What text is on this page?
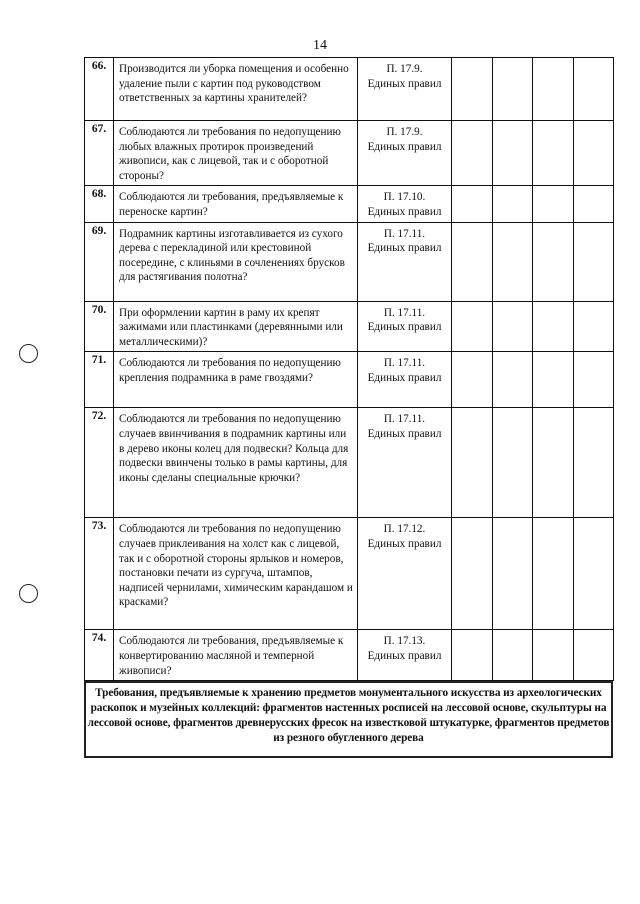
14
66.	Производится ли уборка помещения и особенно удаление пыли с картин под руководством ответственных за картины хранителей?	П. 17.9.
Единых правил				

67.	Соблюдаются ли требования по недопущению любых влажных протирок произведений живописи, как с лицевой, так и с оборотной стороны?	П. 17.9.
Единых правил				

68.	Соблюдаются ли требования, предъявляемые к переноске картин?	П. 17.10.
Единых правил				

69.	Подрамник картины изготавливается из сухого дерева с перекладиной или крестовиной посередине, с клиньями в сочленениях брусков для растягивания полотна?	П. 17.11.
Единых правил				

70.	При оформлении картин в раму их крепят зажимами или пластинками (деревянными или металлическими)?	П. 17.11.
Единых правил				

71.	Соблюдаются ли требования по недопущению крепления подрамника в раме гвоздями?	П. 17.11.
Единых правил				

72.	Соблюдаются ли требования по недопущению случаев ввинчивания в подрамник картины или в дерево иконы колец для подвески? Кольца для подвески ввинчены только в рамы картины, для иконы сделаны специальные крючки?	П. 17.11.
Единых правил				

73.	Соблюдаются ли требования по недопущению случаев приклеивания на холст как с лицевой, так и с оборотной стороны ярлыков и номеров, постановки печати из сургуча, штампов, надписей чернилами, химическим карандашом и красками?	П. 17.12.
Единых правил				

74.	Соблюдаются ли требования, предъявляемые к конвертированию масляной и темперной живописи?	П. 17.13.
Единых правил				

Требования, предъявляемые к хранению предметов монументального искусства из археологических раскопок и музейных коллекций: фрагментов настенных росписей на лессовой основе, скульптуры на лессовой основе, фрагментов древнерусских фресок на известковой штукатурке, фрагментов предметов из резного обугленного дерева
